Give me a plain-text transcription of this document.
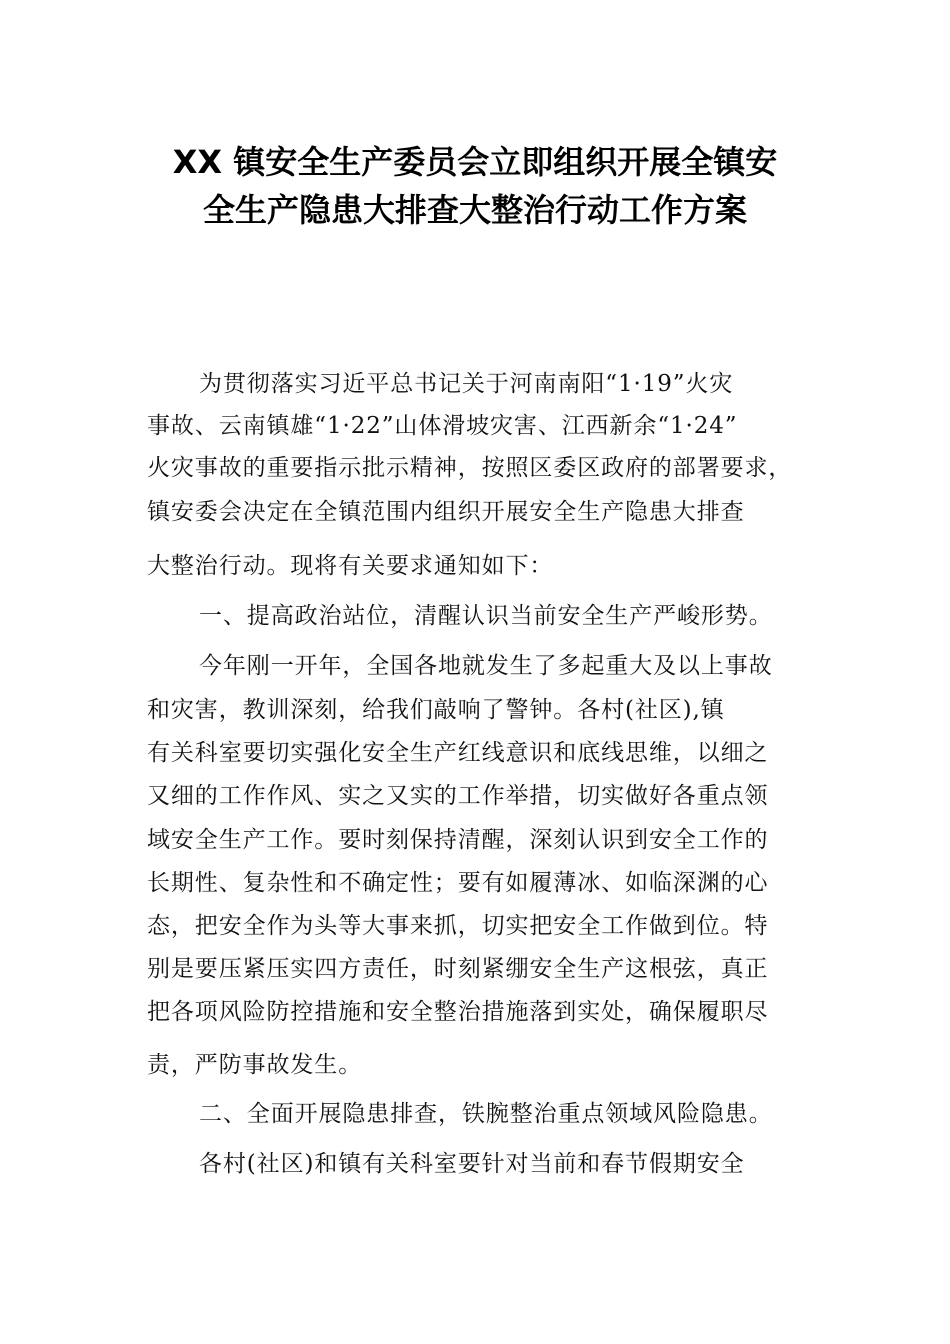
XX 镇安全生产委员会立即组织开展全镇安
全生产隐患大排查大整治行动工作方案
为贯彻落实习近平总书记关于河南南阳“1·19”火灾
事故、云南镇雄“1·22”山体滑坡灾害、江西新余“1·24”
火灾事故的重要指示批示精神，按照区委区政府的部署要求，
镇安委会决定在全镇范围内组织开展安全生产隐患大排查
大整治行动。现将有关要求通知如下：
一、提高政治站位，清醒认识当前安全生产严峻形势。
今年刚一开年，全国各地就发生了多起重大及以上事故
和灾害，教训深刻，给我们敲响了警钟。各村(社区),镇
有关科室要切实强化安全生产红线意识和底线思维，以细之
又细的工作作风、实之又实的工作举措，切实做好各重点领
域安全生产工作。要时刻保持清醒，深刻认识到安全工作的
长期性、复杂性和不确定性；要有如履薄冰、如临深渊的心
态，把安全作为头等大事来抓，切实把安全工作做到位。特
别是要压紧压实四方责任，时刻紧绷安全生产这根弦，真正
把各项风险防控措施和安全整治措施落到实处，确保履职尽
责，严防事故发生。
二、全面开展隐患排查，铁腕整治重点领域风险隐患。
各村(社区)和镇有关科室要针对当前和春节假期安全
